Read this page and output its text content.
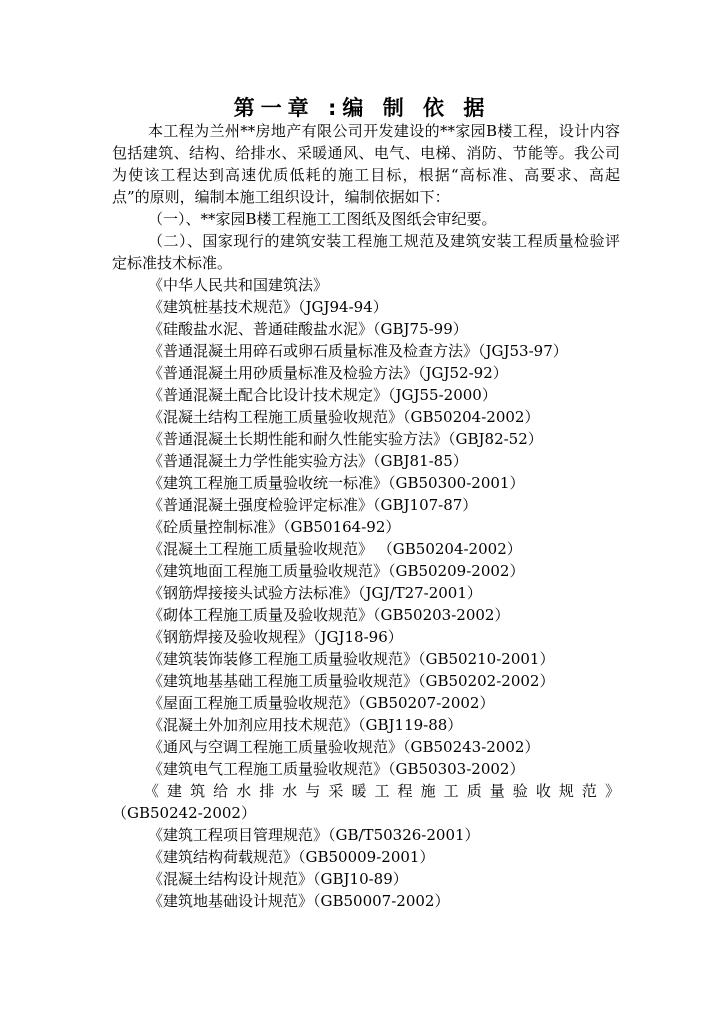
第一章 :编 制 依 据

本工程为兰州**房地产有限公司开发建设的**家园B楼工程，设计内容包括建筑、结构、给排水、采暖通风、电气、电梯、消防、节能等。我公司为使该工程达到高速优质低耗的施工目标，根据“高标准、高要求、高起点”的原则，编制本施工组织设计，编制依据如下：

（一）、**家园B楼工程施工工图纸及图纸会审纪要。

（二）、国家现行的建筑安装工程施工规范及建筑安装工程质量检验评定标准技术标准。

《中华人民共和国建筑法》
《建筑桩基技术规范》（JGJ94-94）
《硅酸盐水泥、普通硅酸盐水泥》（GBJ75-99）
《普通混凝土用碎石或卵石质量标准及检查方法》（JGJ53-97）
《普通混凝土用砂质量标准及检验方法》（JGJ52-92）
《普通混凝土配合比设计技术规定》（JGJ55-2000）
《混凝土结构工程施工质量验收规范》（GB50204-2002）
《普通混凝土长期性能和耐久性能实验方法》（GBJ82-52）
《普通混凝土力学性能实验方法》（GBJ81-85）
《建筑工程施工质量验收统一标准》（GB50300-2001）
《普通混凝土强度检验评定标准》（GBJ107-87）
《砼质量控制标准》（GB50164-92）
《混凝土工程施工质量验收规范》 （GB50204-2002）
《建筑地面工程施工质量验收规范》（GB50209-2002）
《钢筋焊接接头试验方法标准》（JGJ/T27-2001）
《砌体工程施工质量及验收规范》（GB50203-2002）
《钢筋焊接及验收规程》（JGJ18-96）
《建筑装饰装修工程施工质量验收规范》（GB50210-2001）
《建筑地基基础工程施工质量验收规范》（GB50202-2002）
《屋面工程施工质量验收规范》（GB50207-2002）
《混凝土外加剂应用技术规范》（GBJ119-88）
《通风与空调工程施工质量验收规范》（GB50243-2002）
《建筑电气工程施工质量验收规范》（GB50303-2002）
《建筑给水排水与采暖工程施工质量验收规范》
（GB50242-2002）
《建筑工程项目管理规范》（GB/T50326-2001）
《建筑结构荷载规范》（GB50009-2001）
《混凝土结构设计规范》（GBJ10-89）
《建筑地基础设计规范》（GB50007-2002）
